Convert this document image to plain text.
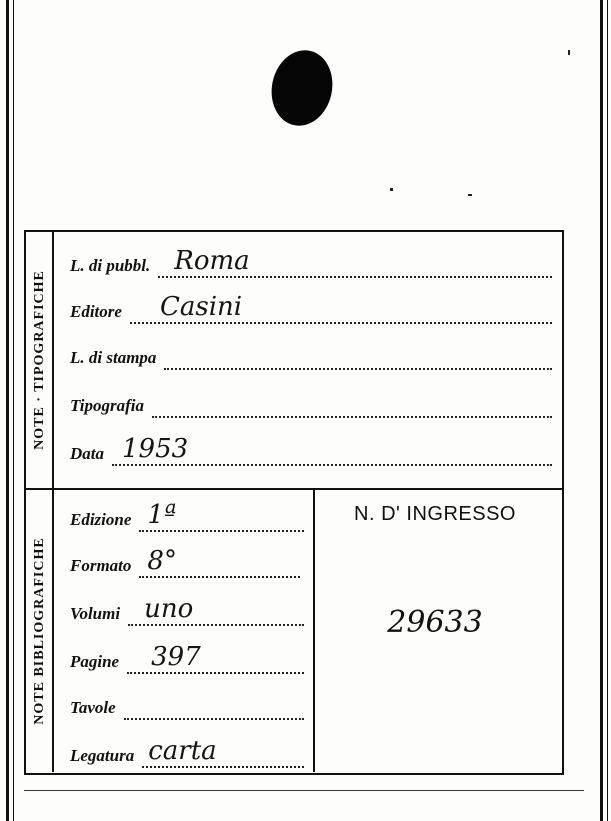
NOTE · TIPOGRAFICHE
NOTE BIBLIOGRAFICHE
L. di pubbl. Roma
Editore Casini
L. di stampa
Tipografia
Data 1953
Edizione 1ª
Formato 8°
Volumi uno
Pagine 397
Tavole
Legatura carta
N. D' INGRESSO
29633
